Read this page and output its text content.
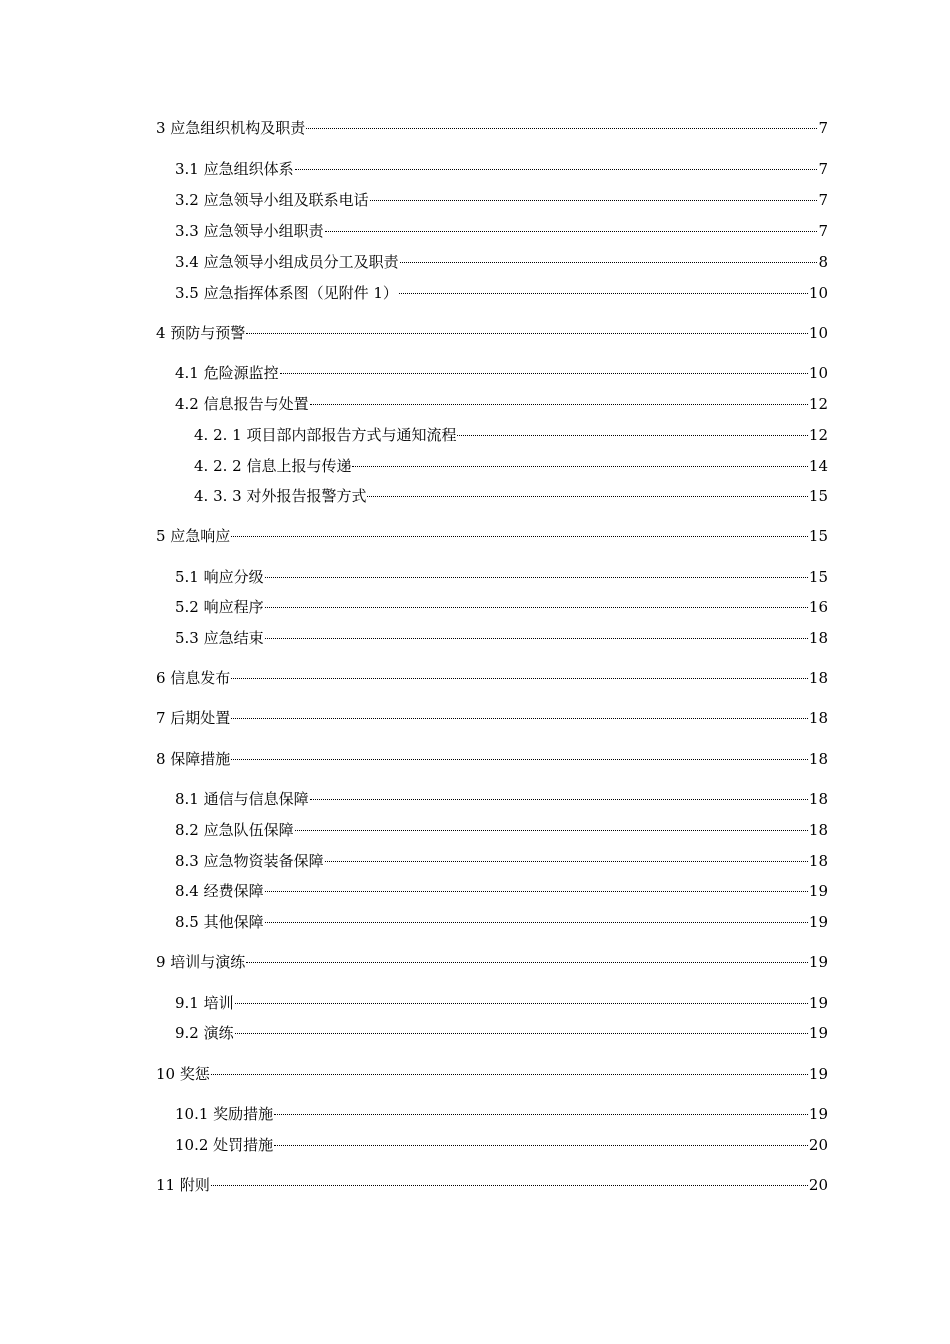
3 应急组织机构及职责	7
3.1 应急组织体系	7
3.2 应急领导小组及联系电话	7
3.3 应急领导小组职责	7
3.4 应急领导小组成员分工及职责	8
3.5 应急指挥体系图（见附件 1）	10
4 预防与预警	10
4.1 危险源监控	10
4.2 信息报告与处置	12
4. 2. 1 项目部内部报告方式与通知流程	12
4. 2. 2 信息上报与传递	14
4. 3. 3 对外报告报警方式	15
5 应急响应	15
5.1 响应分级	15
5.2 响应程序	16
5.3 应急结束	18
6 信息发布	18
7 后期处置	18
8 保障措施	18
8.1 通信与信息保障	18
8.2 应急队伍保障	18
8.3 应急物资装备保障	18
8.4 经费保障	19
8.5 其他保障	19
9 培训与演练	19
9.1 培训	19
9.2 演练	19
10 奖惩	19
10.1 奖励措施	19
10.2 处罚措施	20
11 附则	20
